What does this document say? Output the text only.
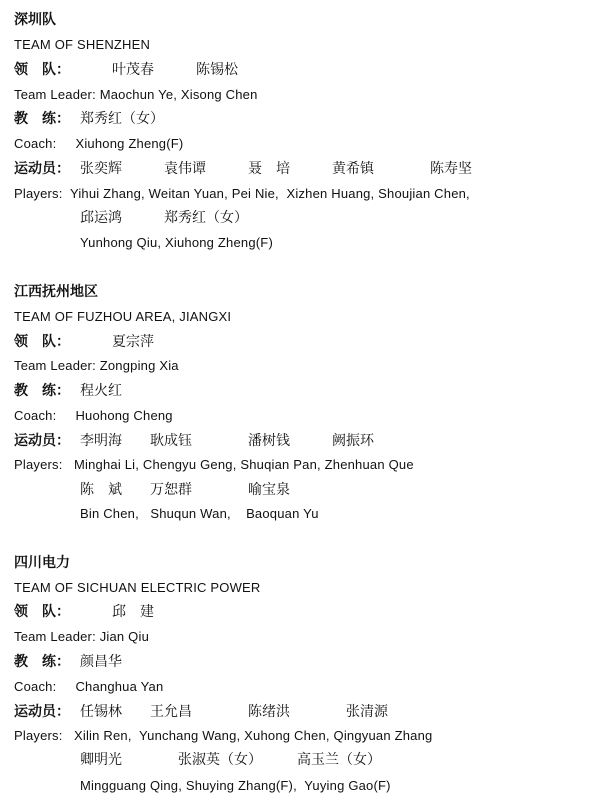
深圳队
TEAM OF SHENZHEN
领　队：	叶茂春　　　陈锡松
Team Leader: Maochun Ye, Xisong Chen
教　练： 郑秀红（女）
Coach:     Xiuhong Zheng(F)
运动员： 张奕辉　　　袁伟谭　　　聂　培　　　黄希镇　　　　陈寿坚
Players:  Yihui Zhang, Weitan Yuan, Pei Nie,  Xizhen Huang, Shoujian Chen,
邱运鸿　　　郑秀红（女）
Yunhong Qiu, Xiuhong Zheng(F)
江西抚州地区
TEAM OF FUZHOU AREA, JIANGXI
领　队：	夏宗萍
Team Leader: Zongping Xia
教　练： 程火红
Coach:     Huohong Cheng
运动员： 李明海　　耿成钰　　　　潘树钱　　　阙振环
Players:   Minghai Li, Chengyu Geng, Shuqian Pan, Zhenhuan Que
陈　斌　　万恕群　　　　喻宝泉
Bin Chen,   Shuqun Wan,    Baoquan Yu
四川电力
TEAM OF SICHUAN ELECTRIC POWER
领　队：	邱　建
Team Leader: Jian Qiu
教　练： 颜昌华
Coach:     Changhua Yan
运动员： 任锡林　　王允昌　　　　陈绪洪　　　　张清源
Players:   Xilin Ren,  Yunchang Wang, Xuhong Chen, Qingyuan Zhang
卿明光　　　　张淑英（女）　　　高玉兰（女）
Mingguang Qing, Shuying Zhang(F),  Yuying Gao(F)
